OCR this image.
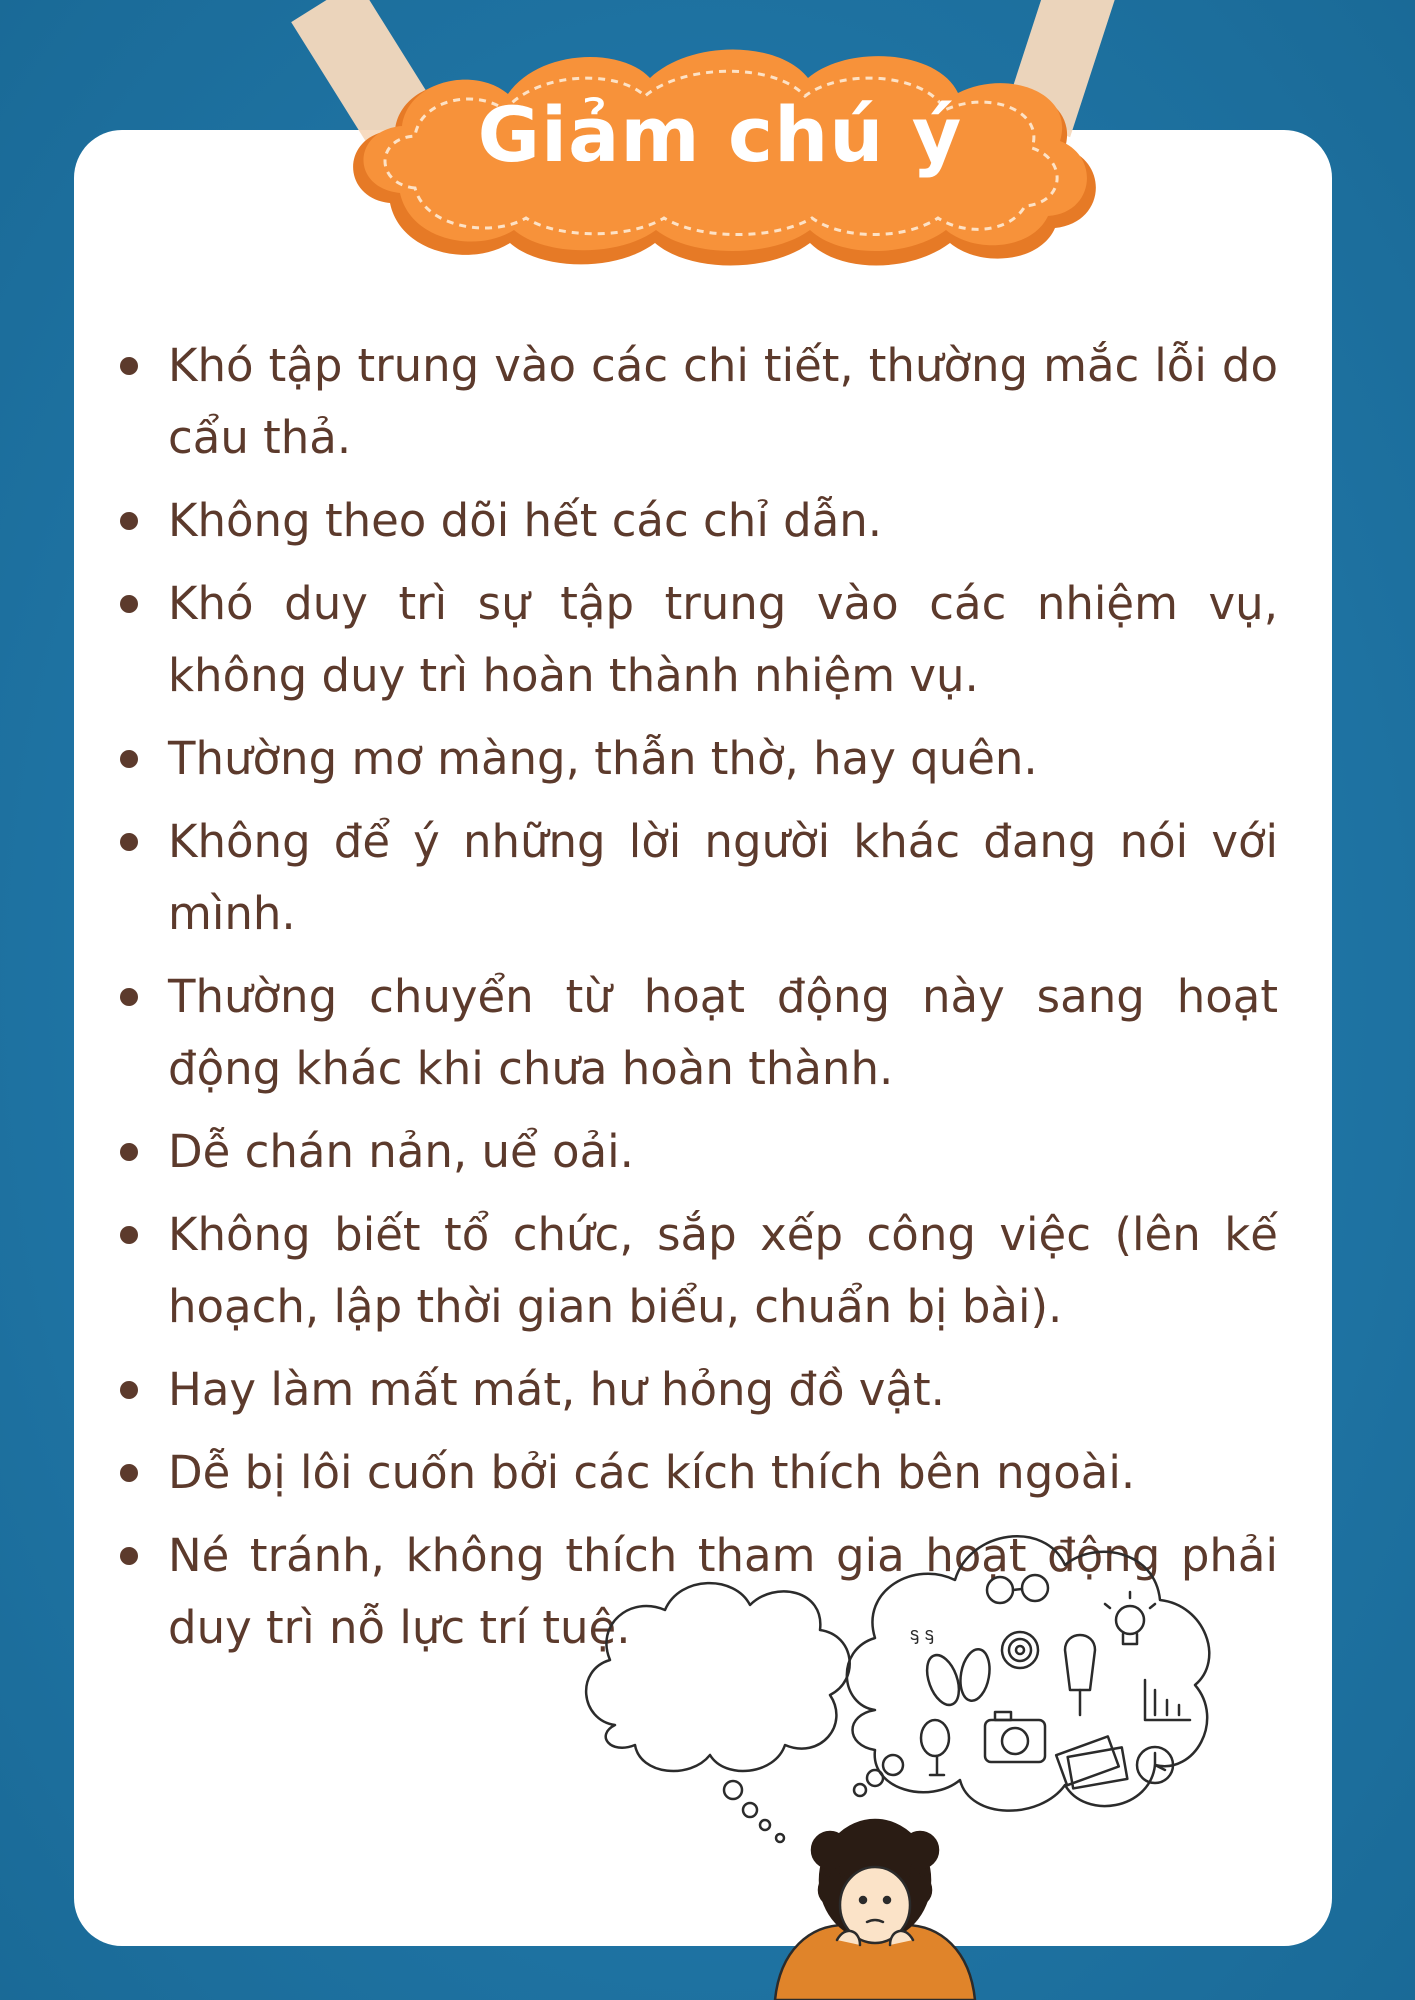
Giảm chú ý
Khó tập trung vào các chi tiết, thường mắc lỗi do cẩu thả.
Không theo dõi hết các chỉ dẫn.
Khó duy trì sự tập trung vào các nhiệm vụ, không duy trì hoàn thành nhiệm vụ.
Thường mơ màng, thẫn thờ, hay quên.
Không để ý những lời người khác đang nói với mình.
Thường chuyển từ hoạt động này sang hoạt động khác khi chưa hoàn thành.
Dễ chán nản, uể oải.
Không biết tổ chức, sắp xếp công việc (lên kế hoạch, lập thời gian biểu, chuẩn bị bài).
Hay làm mất mát, hư hỏng đồ vật.
Dễ bị lôi cuốn bởi các kích thích bên ngoài.
Né tránh, không thích tham gia hoạt động phải duy trì nỗ lực trí tuệ.	ᶊ ᶊ
